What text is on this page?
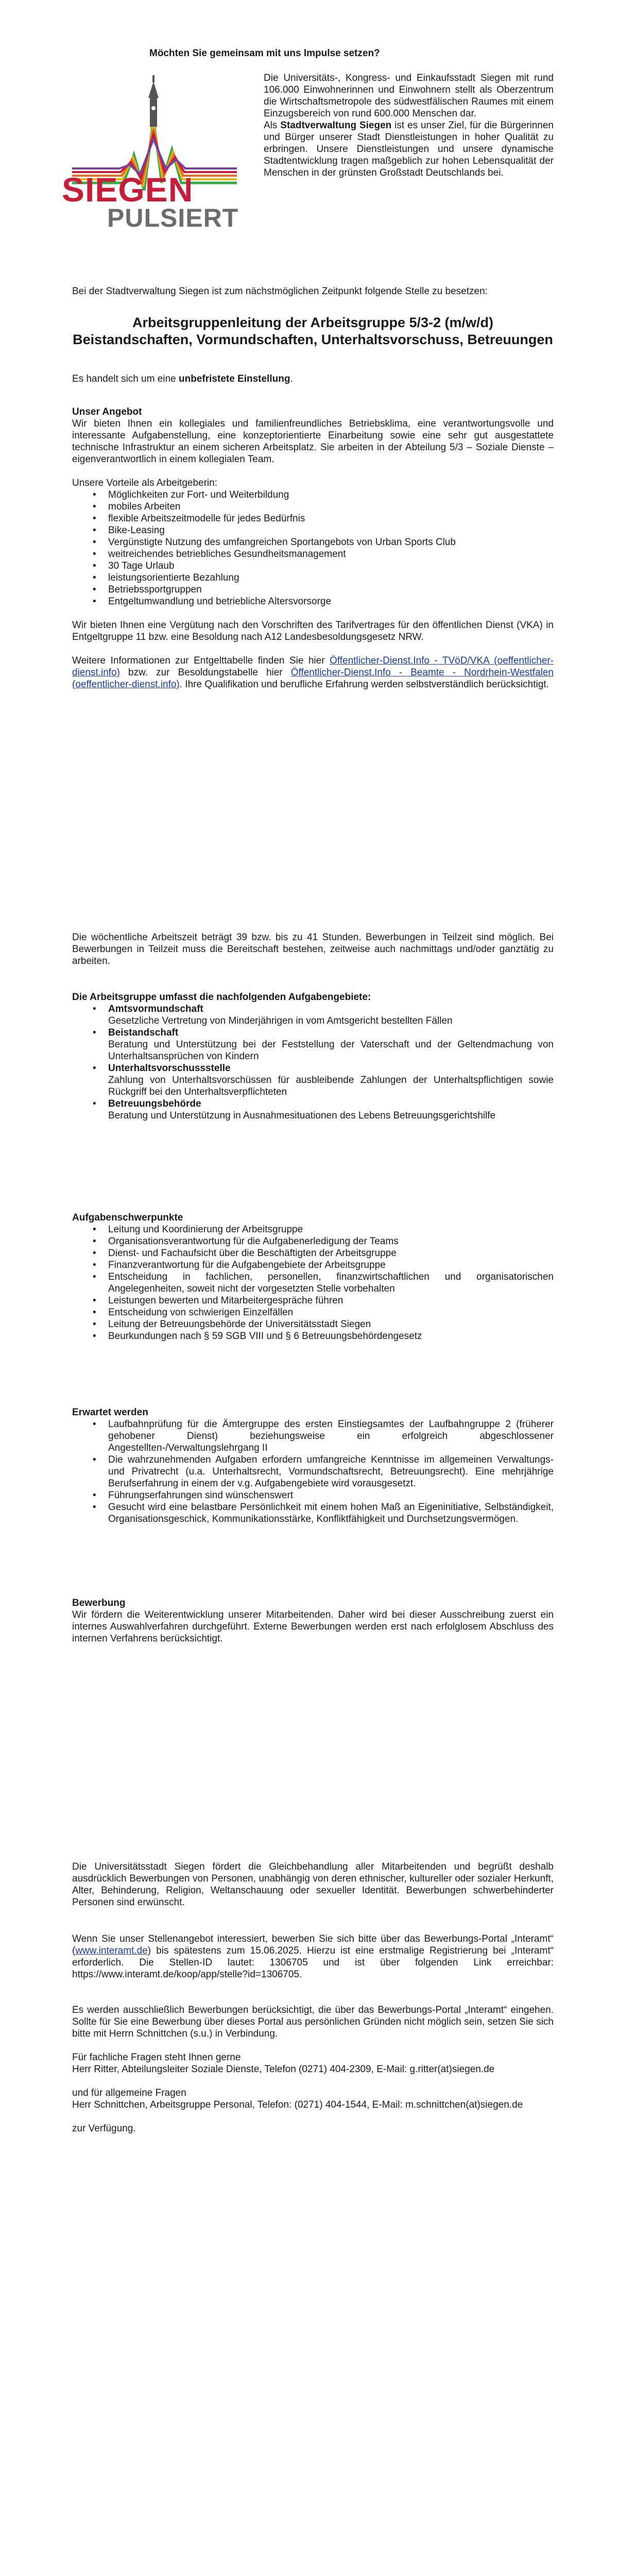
Möchten Sie gemeinsam mit uns Impulse setzen?

SIEGEN
PULSIERT

Die Universitäts-, Kongress- und Einkaufsstadt Siegen mit rund 106.000 Einwohnerinnen und Einwohnern stellt als Oberzentrum die Wirtschaftsmetropole des südwestfälischen Raumes mit einem Einzugsbereich von rund 600.000 Menschen dar.

Als Stadtverwaltung Siegen ist es unser Ziel, für die Bürgerinnen und Bürger unserer Stadt Dienstleistungen in hoher Qualität zu erbringen. Unsere Dienstleistungen und unsere dynamische Stadtentwicklung tragen maßgeblich zur hohen Lebensqualität der Menschen in der grünsten Großstadt Deutschlands bei.

Bei der Stadtverwaltung Siegen ist zum nächstmöglichen Zeitpunkt folgende Stelle zu besetzen:

Arbeitsgruppenleitung der Arbeitsgruppe 5/3-2 (m/w/d)
Beistandschaften, Vormundschaften, Unterhaltsvorschuss, Betreuungen

Es handelt sich um eine unbefristete Einstellung.

Unser Angebot

Wir bieten Ihnen ein kollegiales und familienfreundliches Betriebsklima, eine verantwortungsvolle und interessante Aufgabenstellung, eine konzeptorientierte Einarbeitung sowie eine sehr gut ausgestattete technische Infrastruktur an einem sicheren Arbeitsplatz. Sie arbeiten in der Abteilung 5/3 – Soziale Dienste – eigenverantwortlich in einem kollegialen Team.

Unsere Vorteile als Arbeitgeberin:

• Möglichkeiten zur Fort- und Weiterbildung
• mobiles Arbeiten
• flexible Arbeitszeitmodelle für jedes Bedürfnis
• Bike-Leasing
• Vergünstigte Nutzung des umfangreichen Sportangebots von Urban Sports Club
• weitreichendes betriebliches Gesundheitsmanagement
• 30 Tage Urlaub
• leistungsorientierte Bezahlung
• Betriebssportgruppen
• Entgeltumwandlung und betriebliche Altersvorsorge

Wir bieten Ihnen eine Vergütung nach den Vorschriften des Tarifvertrages für den öffentlichen Dienst (VKA) in Entgeltgruppe 11 bzw. eine Besoldung nach A12 Landesbesoldungsgesetz NRW.

Weitere Informationen zur Entgelttabelle finden Sie hier Öffentlicher-Dienst.Info - TVöD/VKA (oeffentlicher-dienst.info) bzw. zur Besoldungstabelle hier Öffentlicher-Dienst.Info - Beamte - Nordrhein-Westfalen (oeffentlicher-dienst.info). Ihre Qualifikation und berufliche Erfahrung werden selbstverständlich berücksichtigt.

Die wöchentliche Arbeitszeit beträgt 39 bzw. bis zu 41 Stunden. Bewerbungen in Teilzeit sind möglich. Bei Bewerbungen in Teilzeit muss die Bereitschaft bestehen, zeitweise auch nachmittags und/oder ganztätig zu arbeiten.

Die Arbeitsgruppe umfasst die nachfolgenden Aufgabengebiete:

• Amtsvormundschaft
Gesetzliche Vertretung von Minderjährigen in vom Amtsgericht bestellten Fällen
• Beistandschaft
Beratung und Unterstützung bei der Feststellung der Vaterschaft und der Geltendmachung von Unterhaltsansprüchen von Kindern
• Unterhaltsvorschussstelle
Zahlung von Unterhaltsvorschüssen für ausbleibende Zahlungen der Unterhaltspflichtigen sowie Rückgriff bei den Unterhaltsverpflichteten
• Betreuungsbehörde
Beratung und Unterstützung in Ausnahmesituationen des Lebens Betreuungsgerichtshilfe

Aufgabenschwerpunkte

• Leitung und Koordinierung der Arbeitsgruppe
• Organisationsverantwortung für die Aufgabenerledigung der Teams
• Dienst- und Fachaufsicht über die Beschäftigten der Arbeitsgruppe
• Finanzverantwortung für die Aufgabengebiete der Arbeitsgruppe
• Entscheidung in fachlichen, personellen, finanzwirtschaftlichen und organisatorischen Angelegenheiten, soweit nicht der vorgesetzten Stelle vorbehalten
• Leistungen bewerten und Mitarbeitergespräche führen
• Entscheidung von schwierigen Einzelfällen
• Leitung der Betreuungsbehörde der Universitätsstadt Siegen
• Beurkundungen nach § 59 SGB VIII und § 6 Betreuungsbehördengesetz

Erwartet werden

• Laufbahnprüfung für die Ämtergruppe des ersten Einstiegsamtes der Laufbahngruppe 2 (früherer gehobener Dienst) beziehungsweise ein erfolgreich abgeschlossener Angestellten-/Verwaltungslehrgang II
• Die wahrzunehmenden Aufgaben erfordern umfangreiche Kenntnisse im allgemeinen Verwaltungs- und Privatrecht (u.a. Unterhaltsrecht, Vormundschaftsrecht, Betreuungsrecht). Eine mehrjährige Berufserfahrung in einem der v.g. Aufgabengebiete wird vorausgesetzt.
• Führungserfahrungen sind wünschenswert
• Gesucht wird eine belastbare Persönlichkeit mit einem hohen Maß an Eigeninitiative, Selbständigkeit, Organisationsgeschick, Kommunikationsstärke, Konfliktfähigkeit und Durchsetzungsvermögen.

Bewerbung

Wir fördern die Weiterentwicklung unserer Mitarbeitenden. Daher wird bei dieser Ausschreibung zuerst ein internes Auswahlverfahren durchgeführt. Externe Bewerbungen werden erst nach erfolglosem Abschluss des internen Verfahrens berücksichtigt.

Die Universitätsstadt Siegen fördert die Gleichbehandlung aller Mitarbeitenden und begrüßt deshalb ausdrücklich Bewerbungen von Personen, unabhängig von deren ethnischer, kultureller oder sozialer Herkunft, Alter, Behinderung, Religion, Weltanschauung oder sexueller Identität. Bewerbungen schwerbehinderter Personen sind erwünscht.

Wenn Sie unser Stellenangebot interessiert, bewerben Sie sich bitte über das Bewerbungs-Portal „Interamt“ (www.interamt.de) bis spätestens zum 15.06.2025. Hierzu ist eine erstmalige Registrierung bei „Interamt“ erforderlich. Die Stellen-ID lautet: 1306705 und ist über folgenden Link erreichbar: https://www.interamt.de/koop/app/stelle?id=1306705.

Es werden ausschließlich Bewerbungen berücksichtigt, die über das Bewerbungs-Portal „Interamt“ eingehen. Sollte für Sie eine Bewerbung über dieses Portal aus persönlichen Gründen nicht möglich sein, setzen Sie sich bitte mit Herrn Schnittchen (s.u.) in Verbindung.

Für fachliche Fragen steht Ihnen gerne

Herr Ritter, Abteilungsleiter Soziale Dienste, Telefon (0271) 404-2309, E-Mail: g.ritter(at)siegen.de

und für allgemeine Fragen

Herr Schnittchen, Arbeitsgruppe Personal, Telefon: (0271) 404-1544, E-Mail: m.schnittchen(at)siegen.de

zur Verfügung.
